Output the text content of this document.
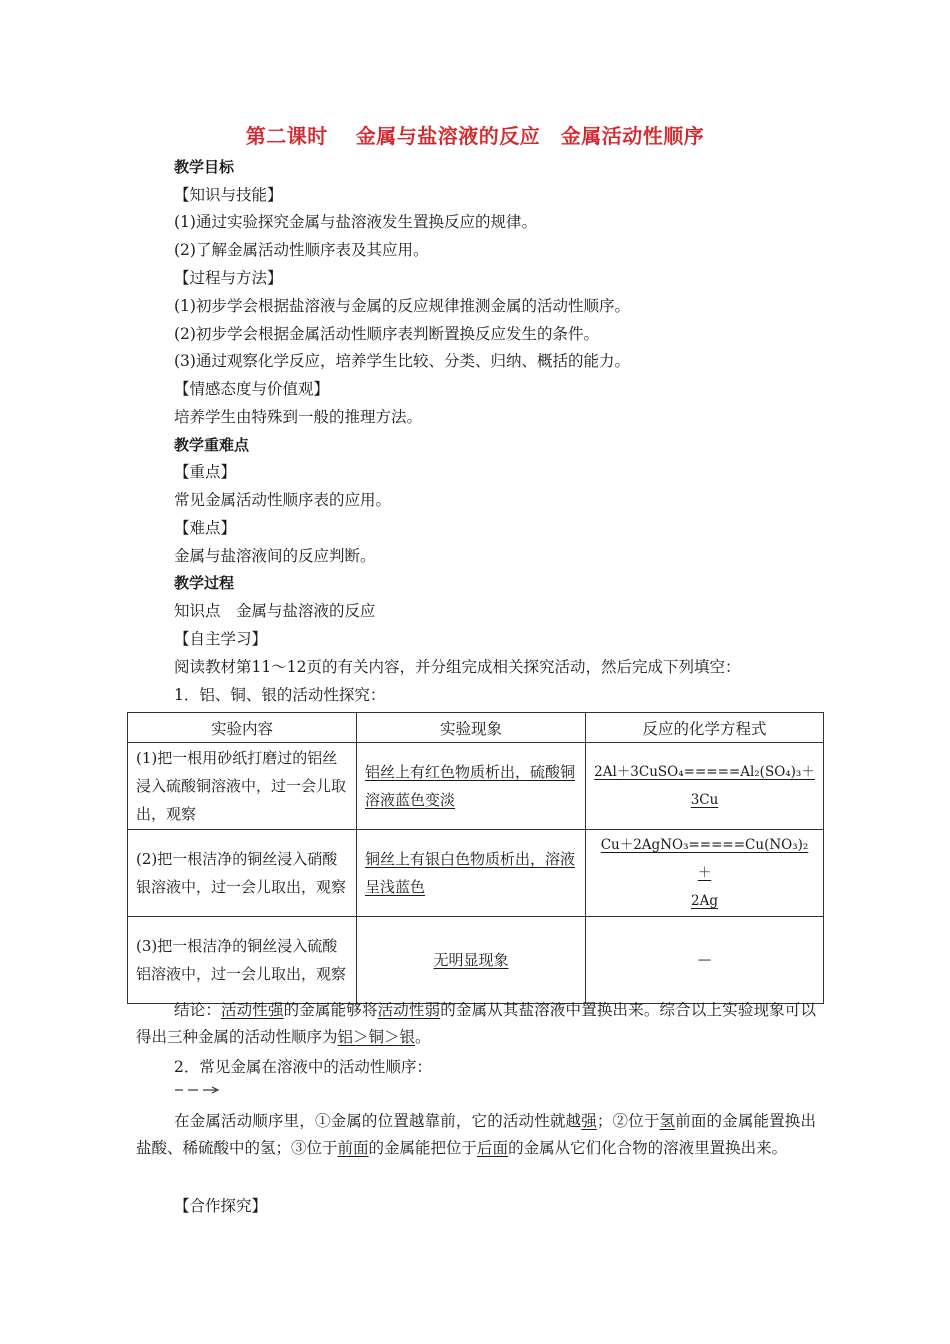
第二课时　 金属与盐溶液的反应　 金属活动性顺序
教学目标
【知识与技能】
(1)通过实验探究金属与盐溶液发生置换反应的规律。
(2)了解金属活动性顺序表及其应用。
【过程与方法】
(1)初步学会根据盐溶液与金属的反应规律推测金属的活动性顺序。
(2)初步学会根据金属活动性顺序表判断置换反应发生的条件。
(3)通过观察化学反应，培养学生比较、分类、归纳、概括的能力。
【情感态度与价值观】
培养学生由特殊到一般的推理方法。
教学重难点
【重点】
常见金属活动性顺序表的应用。
【难点】
金属与盐溶液间的反应判断。
教学过程
知识点　金属与盐溶液的反应
【自主学习】
阅读教材第11～12页的有关内容，并分组完成相关探究活动，然后完成下列填空：
1．铝、铜、银的活动性探究：
实验内容	实验现象	反应的化学方程式
(1)把一根用砂纸打磨过的铝丝浸入硫酸铜溶液中，过一会儿取出，观察	铝丝上有红色物质析出，硫酸铜溶液蓝色变淡	2Al＋3CuSO₄=====Al₂(SO₄)₃＋
3Cu
(2)把一根洁净的铜丝浸入硝酸银溶液中，过一会儿取出，观察	铜丝上有银白色物质析出，溶液呈浅蓝色	Cu＋2AgNO₃=====Cu(NO₃)₂＋
2Ag
(3)把一根洁净的铜丝浸入硫酸铝溶液中，过一会儿取出，观察	无明显现象	—
结论：活动性强的金属能够将活动性弱的金属从其盐溶液中置换出来。综合以上实验现象可以得出三种金属的活动性顺序为铝＞铜＞银。
2．常见金属在溶液中的活动性顺序：
在金属活动顺序里，①金属的位置越靠前，它的活动性就越强；②位于氢前面的金属能置换出盐酸、稀硫酸中的氢；③位于前面的金属能把位于后面的金属从它们化合物的溶液里置换出来。
【合作探究】
